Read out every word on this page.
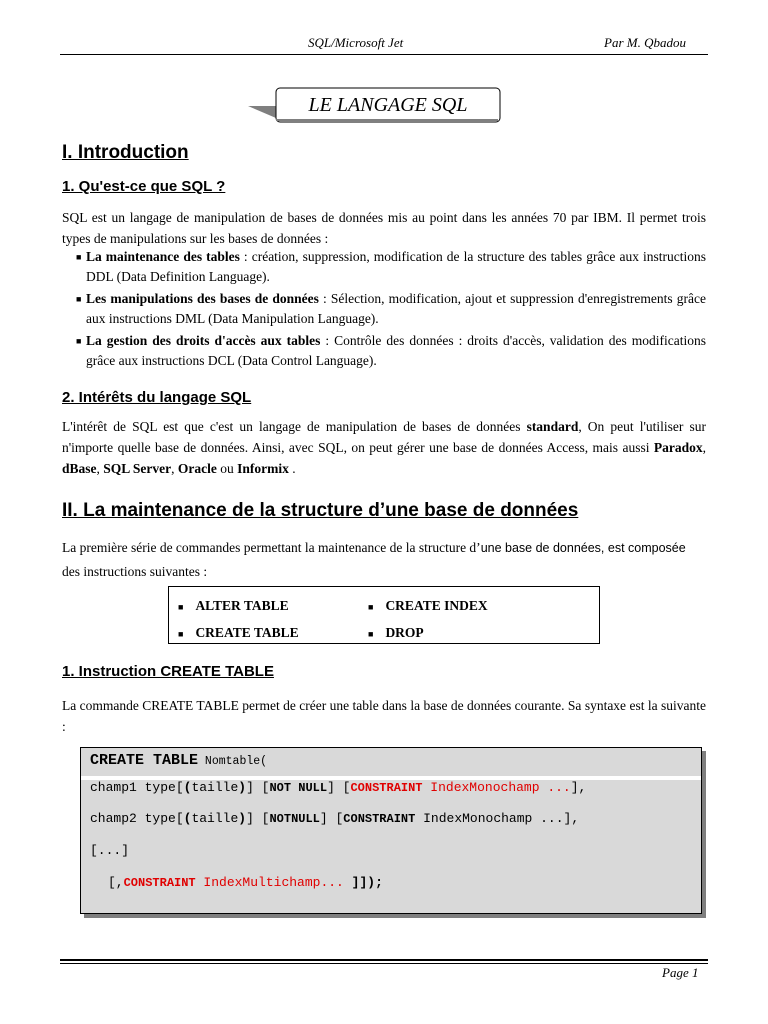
SQL/Microsoft Jet	Par M. Qbadou
LE LANGAGE SQL
I. Introduction
1. Qu'est-ce que SQL ?
SQL est un langage de manipulation de bases de données mis au point dans les années 70 par IBM. Il permet trois types de manipulations sur les bases de données :
■ La maintenance des tables : création, suppression, modification de la structure des tables grâce aux instructions DDL (Data Definition Language).
■ Les manipulations des bases de données : Sélection, modification, ajout et suppression d'enregistrements grâce aux instructions DML (Data Manipulation Language).
■ La gestion des droits d'accès aux tables : Contrôle des données : droits d'accès, validation des modifications grâce aux instructions DCL (Data Control Language).
2. Intérêts du langage SQL
L'intérêt de SQL est que c'est un langage de manipulation de bases de données standard, On peut l'utiliser sur n'importe quelle base de données. Ainsi, avec SQL, on peut gérer une base de données Access, mais aussi Paradox, dBase, SQL Server, Oracle ou Informix .
II. La maintenance de la structure d’une base de données
La première série de commandes permettant la maintenance de la structure d’une base de données, est composée
des instructions suivantes :
■ ALTER TABLE	■ CREATE INDEX
■ CREATE TABLE	■ DROP
1. Instruction CREATE TABLE
La commande CREATE TABLE permet de créer une table dans la base de données courante. Sa syntaxe est la suivante :
CREATE TABLE Nomtable(
champ1 type[(taille)] [NOT NULL] [CONSTRAINT IndexMonochamp ...],
champ2 type[(taille)] [NOTNULL] [CONSTRAINT IndexMonochamp ...],
[...]
[,CONSTRAINT IndexMultichamp... ]]);
Page 1
